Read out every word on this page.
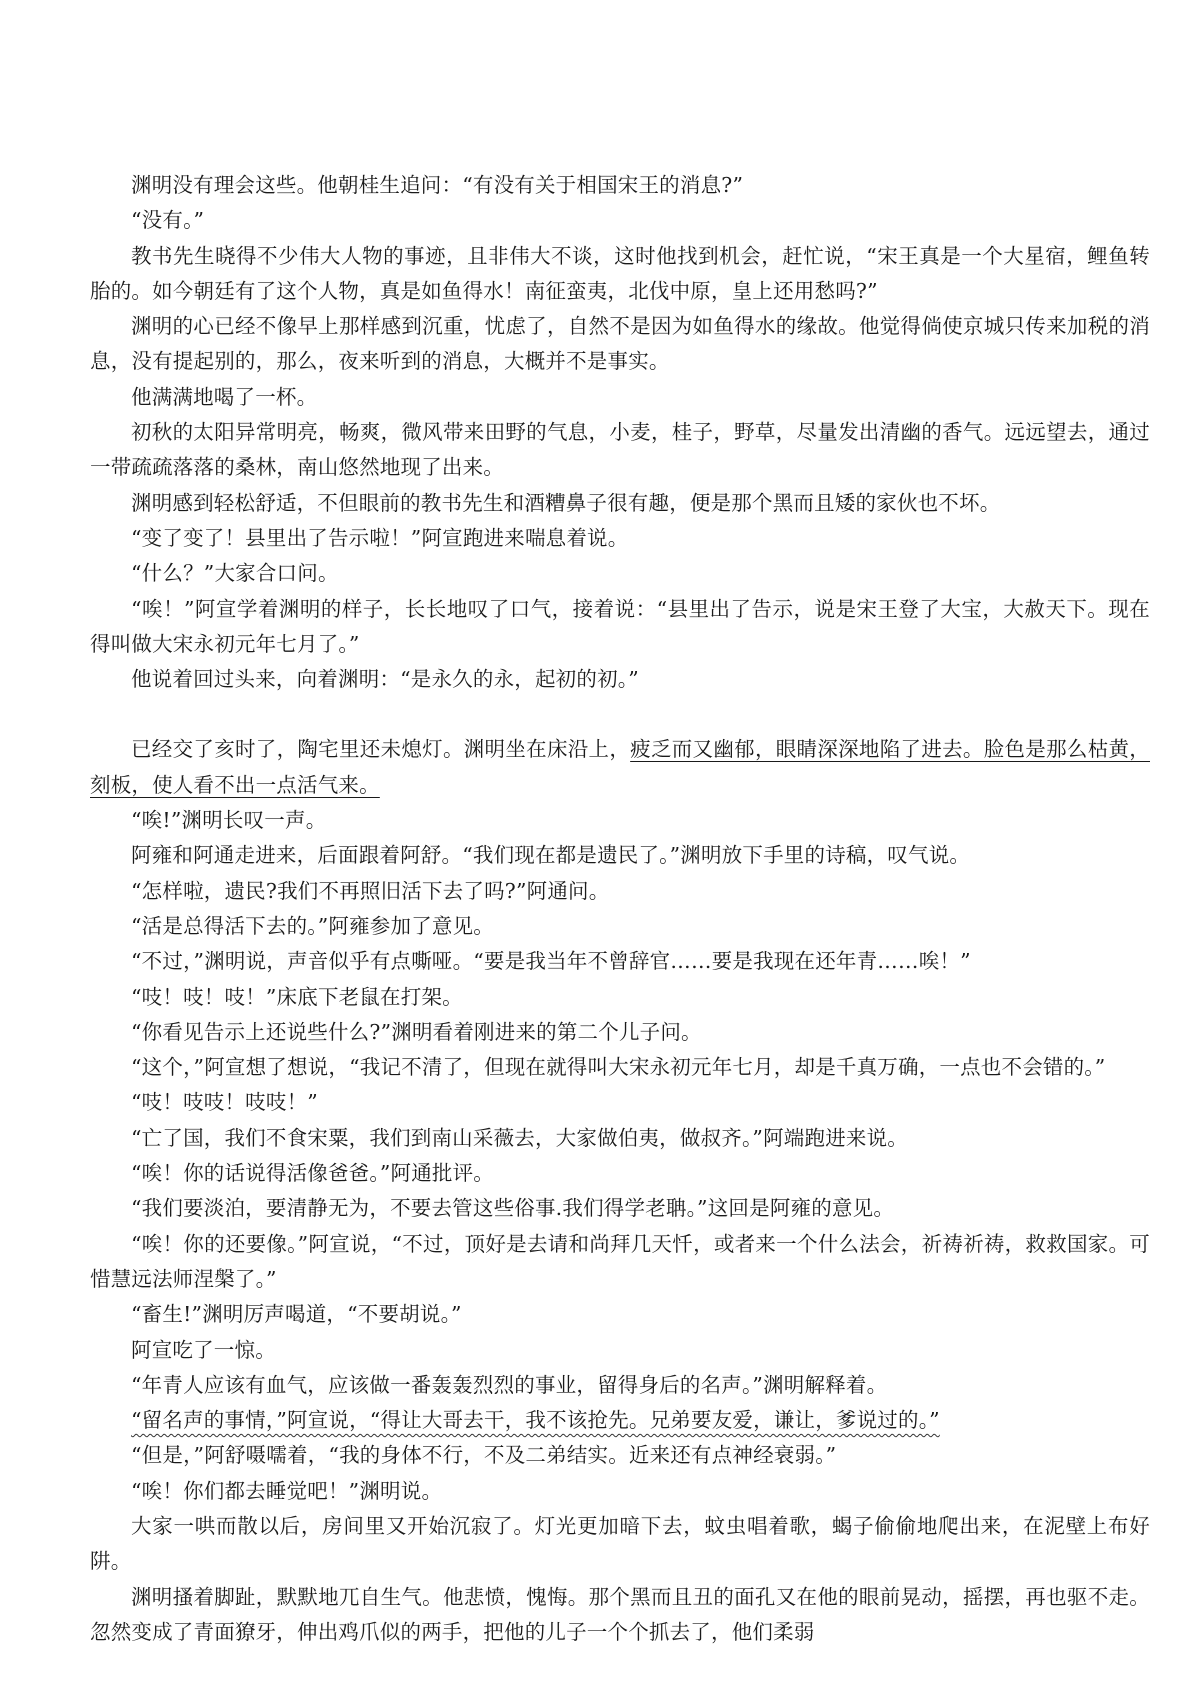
渊明没有理会这些。他朝桂生追问：“有没有关于相国宋王的消息?”

“没有。”

教书先生晓得不少伟大人物的事迹，且非伟大不谈，这时他找到机会，赶忙说，“宋王真是一个大星宿，鲤鱼转胎的。如今朝廷有了这个人物，真是如鱼得水！南征蛮夷，北伐中原，皇上还用愁吗?”

渊明的心已经不像早上那样感到沉重，忧虑了，自然不是因为如鱼得水的缘故。他觉得倘使京城只传来加税的消息，没有提起别的，那么，夜来听到的消息，大概并不是事实。

他满满地喝了一杯。

初秋的太阳异常明亮，畅爽，微风带来田野的气息，小麦，桂子，野草，尽量发出清幽的香气。远远望去，通过一带疏疏落落的桑林，南山悠然地现了出来。

渊明感到轻松舒适，不但眼前的教书先生和酒糟鼻子很有趣，便是那个黑而且矮的家伙也不坏。

“变了变了！县里出了告示啦！”阿宣跑进来喘息着说。

“什么？”大家合口问。

“唉！”阿宣学着渊明的样子，长长地叹了口气，接着说：“县里出了告示，说是宋王登了大宝，大赦天下。现在得叫做大宋永初元年七月了。”

他说着回过头来，向着渊明：“是永久的永，起初的初。”

已经交了亥时了，陶宅里还未熄灯。渊明坐在床沿上，疲乏而又幽郁，眼睛深深地陷了进去。脸色是那么枯黄，刻板，使人看不出一点活气来。

“唉!”渊明长叹一声。

阿雍和阿通走进来，后面跟着阿舒。“我们现在都是遗民了。”渊明放下手里的诗稿，叹气说。

“怎样啦，遗民?我们不再照旧活下去了吗?”阿通问。

“活是总得活下去的。”阿雍参加了意见。

“不过，”渊明说，声音似乎有点嘶哑。“要是我当年不曾辞官……要是我现在还年青……唉！”

“吱！吱！吱！”床底下老鼠在打架。

“你看见告示上还说些什么?”渊明看着刚进来的第二个儿子问。

“这个，”阿宣想了想说，“我记不清了，但现在就得叫大宋永初元年七月，却是千真万确，一点也不会错的。”

“吱！吱吱！吱吱！”

“亡了国，我们不食宋粟，我们到南山采薇去，大家做伯夷，做叔齐。”阿端跑进来说。

“唉！你的话说得活像爸爸。”阿通批评。

“我们要淡泊，要清静无为，不要去管这些俗事.我们得学老聃。”这回是阿雍的意见。

“唉！你的还要像。”阿宣说，“不过，顶好是去请和尚拜几天忏，或者来一个什么法会，祈祷祈祷，救救国家。可惜慧远法师涅槃了。”

“畜生!”渊明厉声喝道，“不要胡说。”

阿宣吃了一惊。

“年青人应该有血气，应该做一番轰轰烈烈的事业，留得身后的名声。”渊明解释着。

“留名声的事情，”阿宣说，“得让大哥去干，我不该抢先。兄弟要友爱，谦让，爹说过的。”

“但是，”阿舒嗫嚅着，“我的身体不行，不及二弟结实。近来还有点神经衰弱。”

“唉！你们都去睡觉吧！”渊明说。

大家一哄而散以后，房间里又开始沉寂了。灯光更加暗下去，蚊虫唱着歌，蝎子偷偷地爬出来，在泥壁上布好阱。

渊明搔着脚趾，默默地兀自生气。他悲愤，愧悔。那个黑而且丑的面孔又在他的眼前晃动，摇摆，再也驱不走。忽然变成了青面獠牙，伸出鸡爪似的两手，把他的儿子一个个抓去了，他们柔弱
